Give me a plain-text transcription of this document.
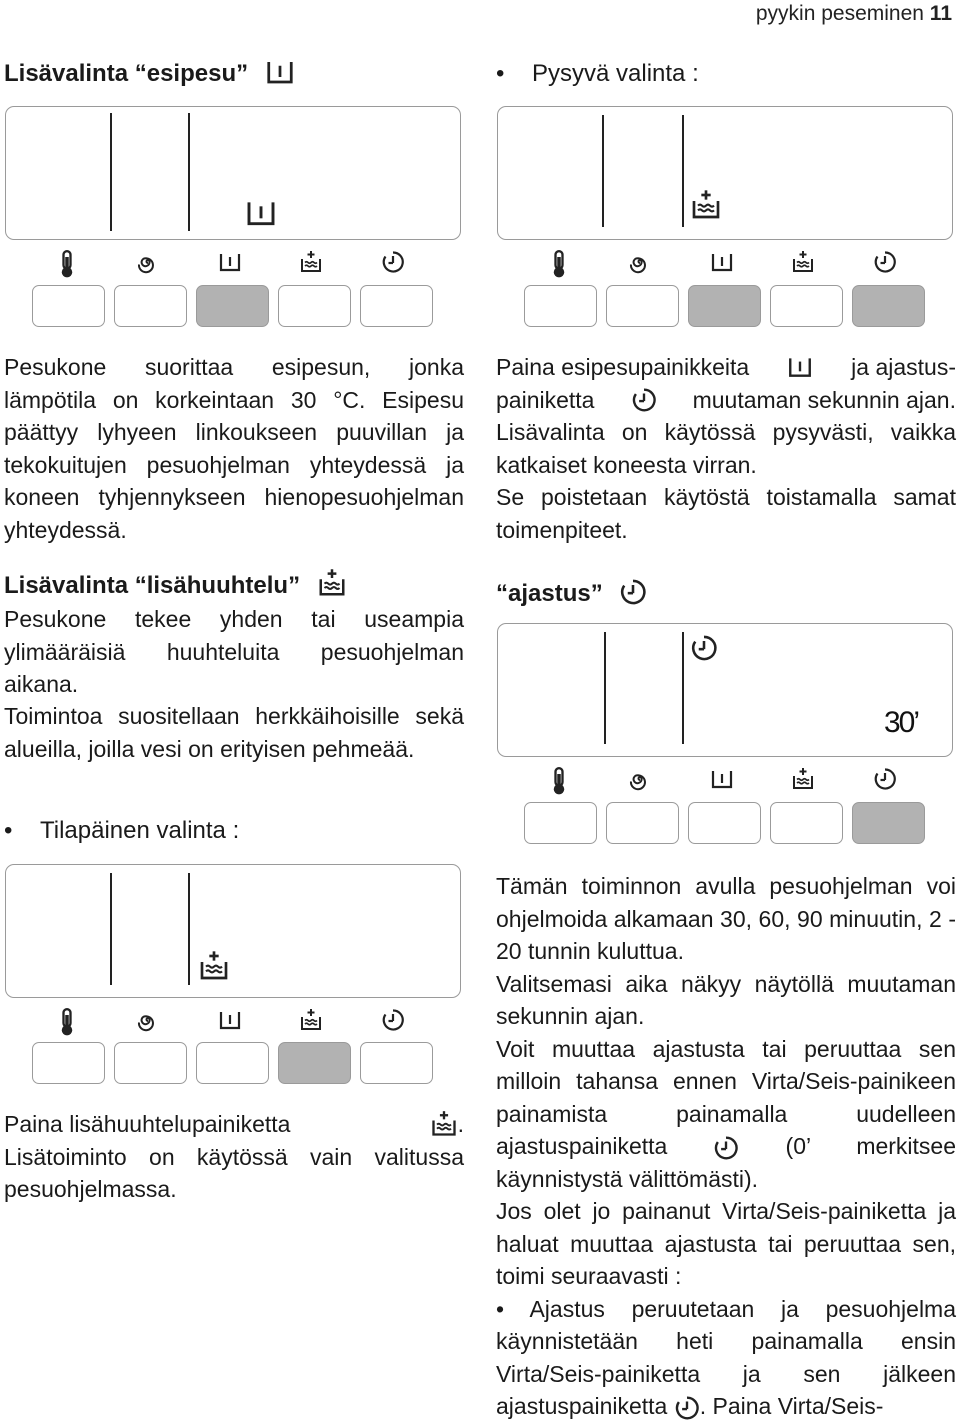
pyykin peseminen 11
Lisävalinta “esipesu”
Pesukone suorittaa esipesun, jonka lämpötila on korkeintaan 30 °C. Esipesu päättyy lyhyeen linkoukseen puuvillan ja tekokuitujen pesuohjelman yhteydessä ja koneen tyhjennykseen hienopesuohjelman yhteydessä.
Lisävalinta “lisähuuhtelu”
Pesukone tekee yhden tai useampia ylimääräisiä huuhteluita pesuohjelman aikana.
Toimintoa suositellaan herkkäihoisille sekä alueilla, joilla vesi on erityisen pehmeää.
• Tilapäinen valinta :
Paina lisähuuhtelupainiketta	.
Lisätoiminto on käytössä vain valitussa pesuohjelmassa.
• Pysyvä valinta :
Paina esipesupainikkeita	ja ajastus-
painiketta	muutaman sekunnin ajan.
Lisävalinta on käytössä pysyvästi, vaikka katkaiset koneesta virran.
Se poistetaan käytöstä toistamalla samat toimenpiteet.
“ajastus”
30’
Tämän toiminnon avulla pesuohjelman voi ohjelmoida alkamaan 30, 60, 90 minuutin, 2 - 20 tunnin kuluttua.
Valitsemasi aika näkyy näytöllä muutaman sekunnin ajan.
Voit muuttaa ajastusta tai peruuttaa sen milloin tahansa ennen Virta/Seis-painikeen painamista painamalla uudelleen ajastuspainiketta	(0’ merkitsee käynnistystä välittömästi).
Jos olet jo painanut Virta/Seis-painiketta ja haluat muuttaa ajastusta tai peruuttaa sen, toimi seuraavasti :
• Ajastus peruutetaan ja pesuohjelma käynnistetään heti painamalla ensin Virta/Seis-painiketta ja sen jälkeen ajastuspainiketta . Paina Virta/Seis-
